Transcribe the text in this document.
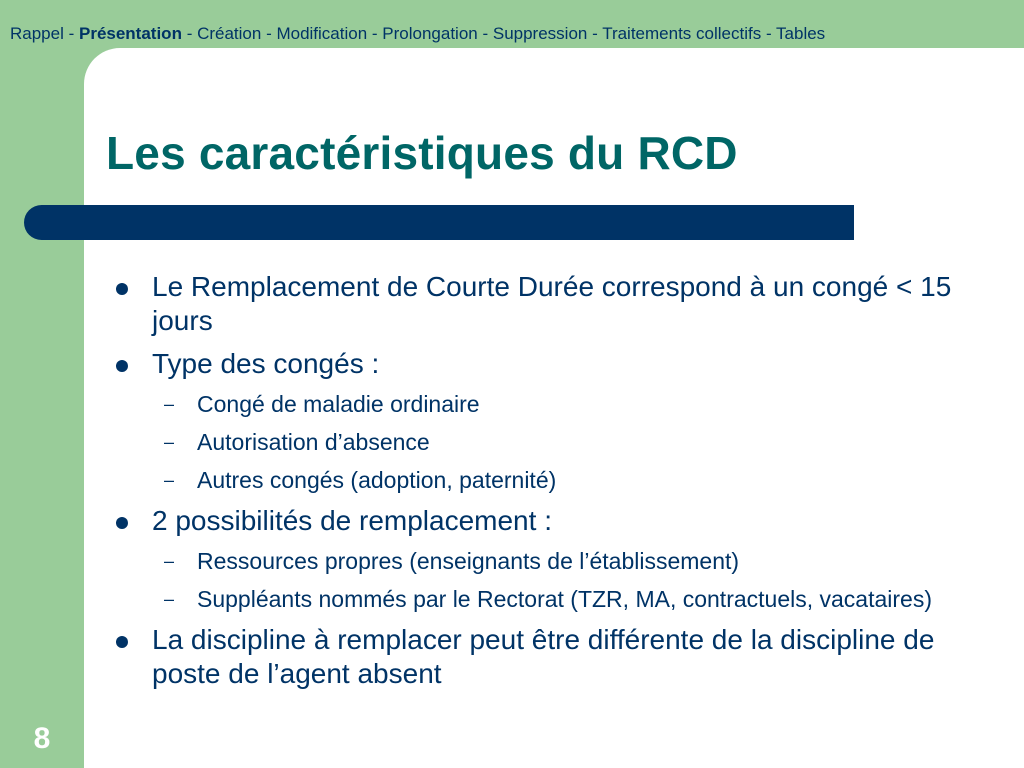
Rappel - Présentation - Création - Modification - Prolongation - Suppression - Traitements collectifs - Tables
Les caractéristiques du RCD
Le Remplacement de Courte Durée correspond à un congé < 15 jours
Type des congés :
– Congé de maladie ordinaire
– Autorisation d’absence
– Autres congés (adoption, paternité)
2 possibilités de remplacement :
– Ressources propres (enseignants de l’établissement)
– Suppléants nommés par le Rectorat (TZR, MA, contractuels, vacataires)
La discipline à remplacer peut être différente de la discipline de poste de l’agent absent
8
